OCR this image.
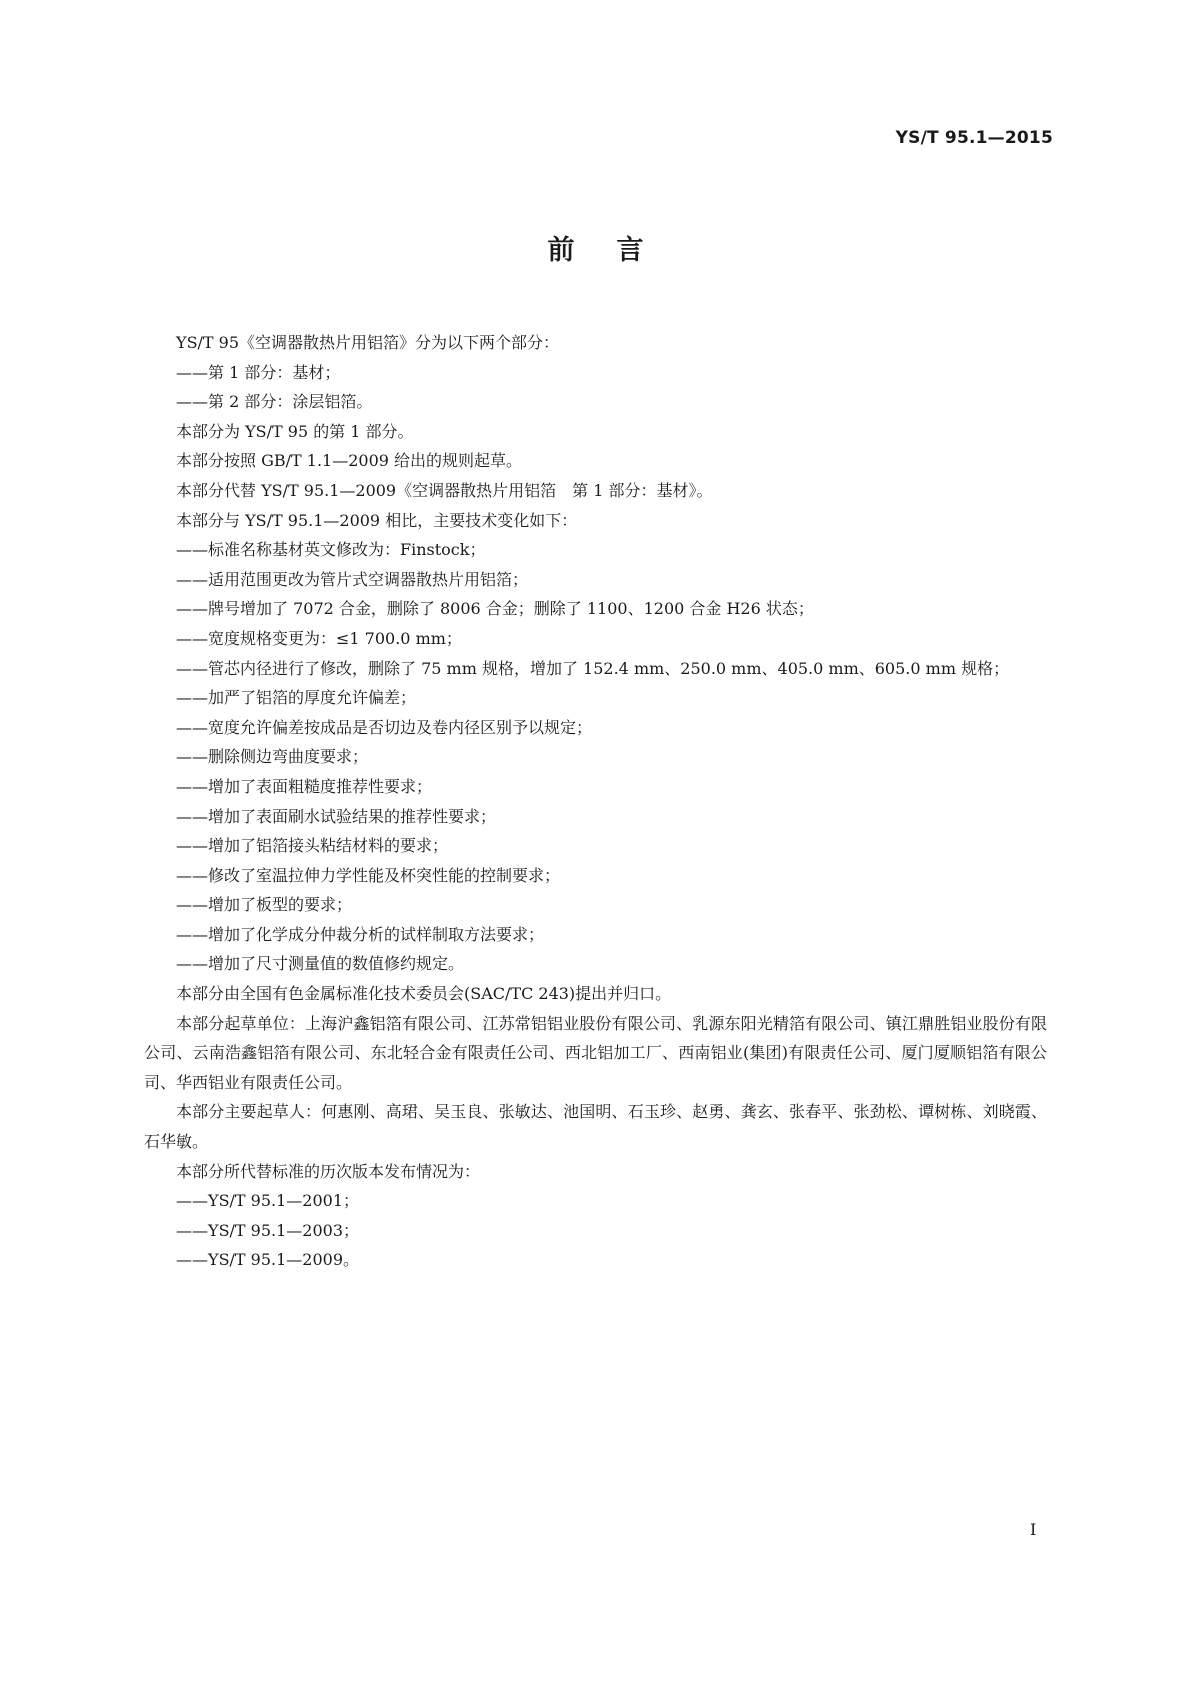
YS/T 95.1—2015
前言

YS/T 95《空调器散热片用铝箔》分为以下两个部分：

——第 1 部分：基材；

——第 2 部分：涂层铝箔。

本部分为 YS/T 95 的第 1 部分。

本部分按照 GB/T 1.1—2009 给出的规则起草。

本部分代替 YS/T 95.1—2009《空调器散热片用铝箔　第 1 部分：基材》。

本部分与 YS/T 95.1—2009 相比，主要技术变化如下：

——标准名称基材英文修改为：Finstock；

——适用范围更改为管片式空调器散热片用铝箔；

——牌号增加了 7072 合金，删除了 8006 合金；删除了 1100、1200 合金 H26 状态；

——宽度规格变更为：≤1 700.0 mm；

——管芯内径进行了修改，删除了 75 mm 规格，增加了 152.4 mm、250.0 mm、405.0 mm、605.0 mm 规格；

——加严了铝箔的厚度允许偏差；

——宽度允许偏差按成品是否切边及卷内径区别予以规定；

——删除侧边弯曲度要求；

——增加了表面粗糙度推荐性要求；

——增加了表面刷水试验结果的推荐性要求；

——增加了铝箔接头粘结材料的要求；

——修改了室温拉伸力学性能及杯突性能的控制要求；

——增加了板型的要求；

——增加了化学成分仲裁分析的试样制取方法要求；

——增加了尺寸测量值的数值修约规定。

本部分由全国有色金属标准化技术委员会(SAC/TC 243)提出并归口。

本部分起草单位：上海沪鑫铝箔有限公司、江苏常铝铝业股份有限公司、乳源东阳光精箔有限公司、镇江鼎胜铝业股份有限公司、云南浩鑫铝箔有限公司、东北轻合金有限责任公司、西北铝加工厂、西南铝业(集团)有限责任公司、厦门厦顺铝箔有限公司、华西铝业有限责任公司。

本部分主要起草人：何惠刚、高珺、吴玉良、张敏达、池国明、石玉珍、赵勇、龚玄、张春平、张劲松、谭树栋、刘晓霞、石华敏。

本部分所代替标准的历次版本发布情况为：

——YS/T 95.1—2001；

——YS/T 95.1—2003；

——YS/T 95.1—2009。

I
